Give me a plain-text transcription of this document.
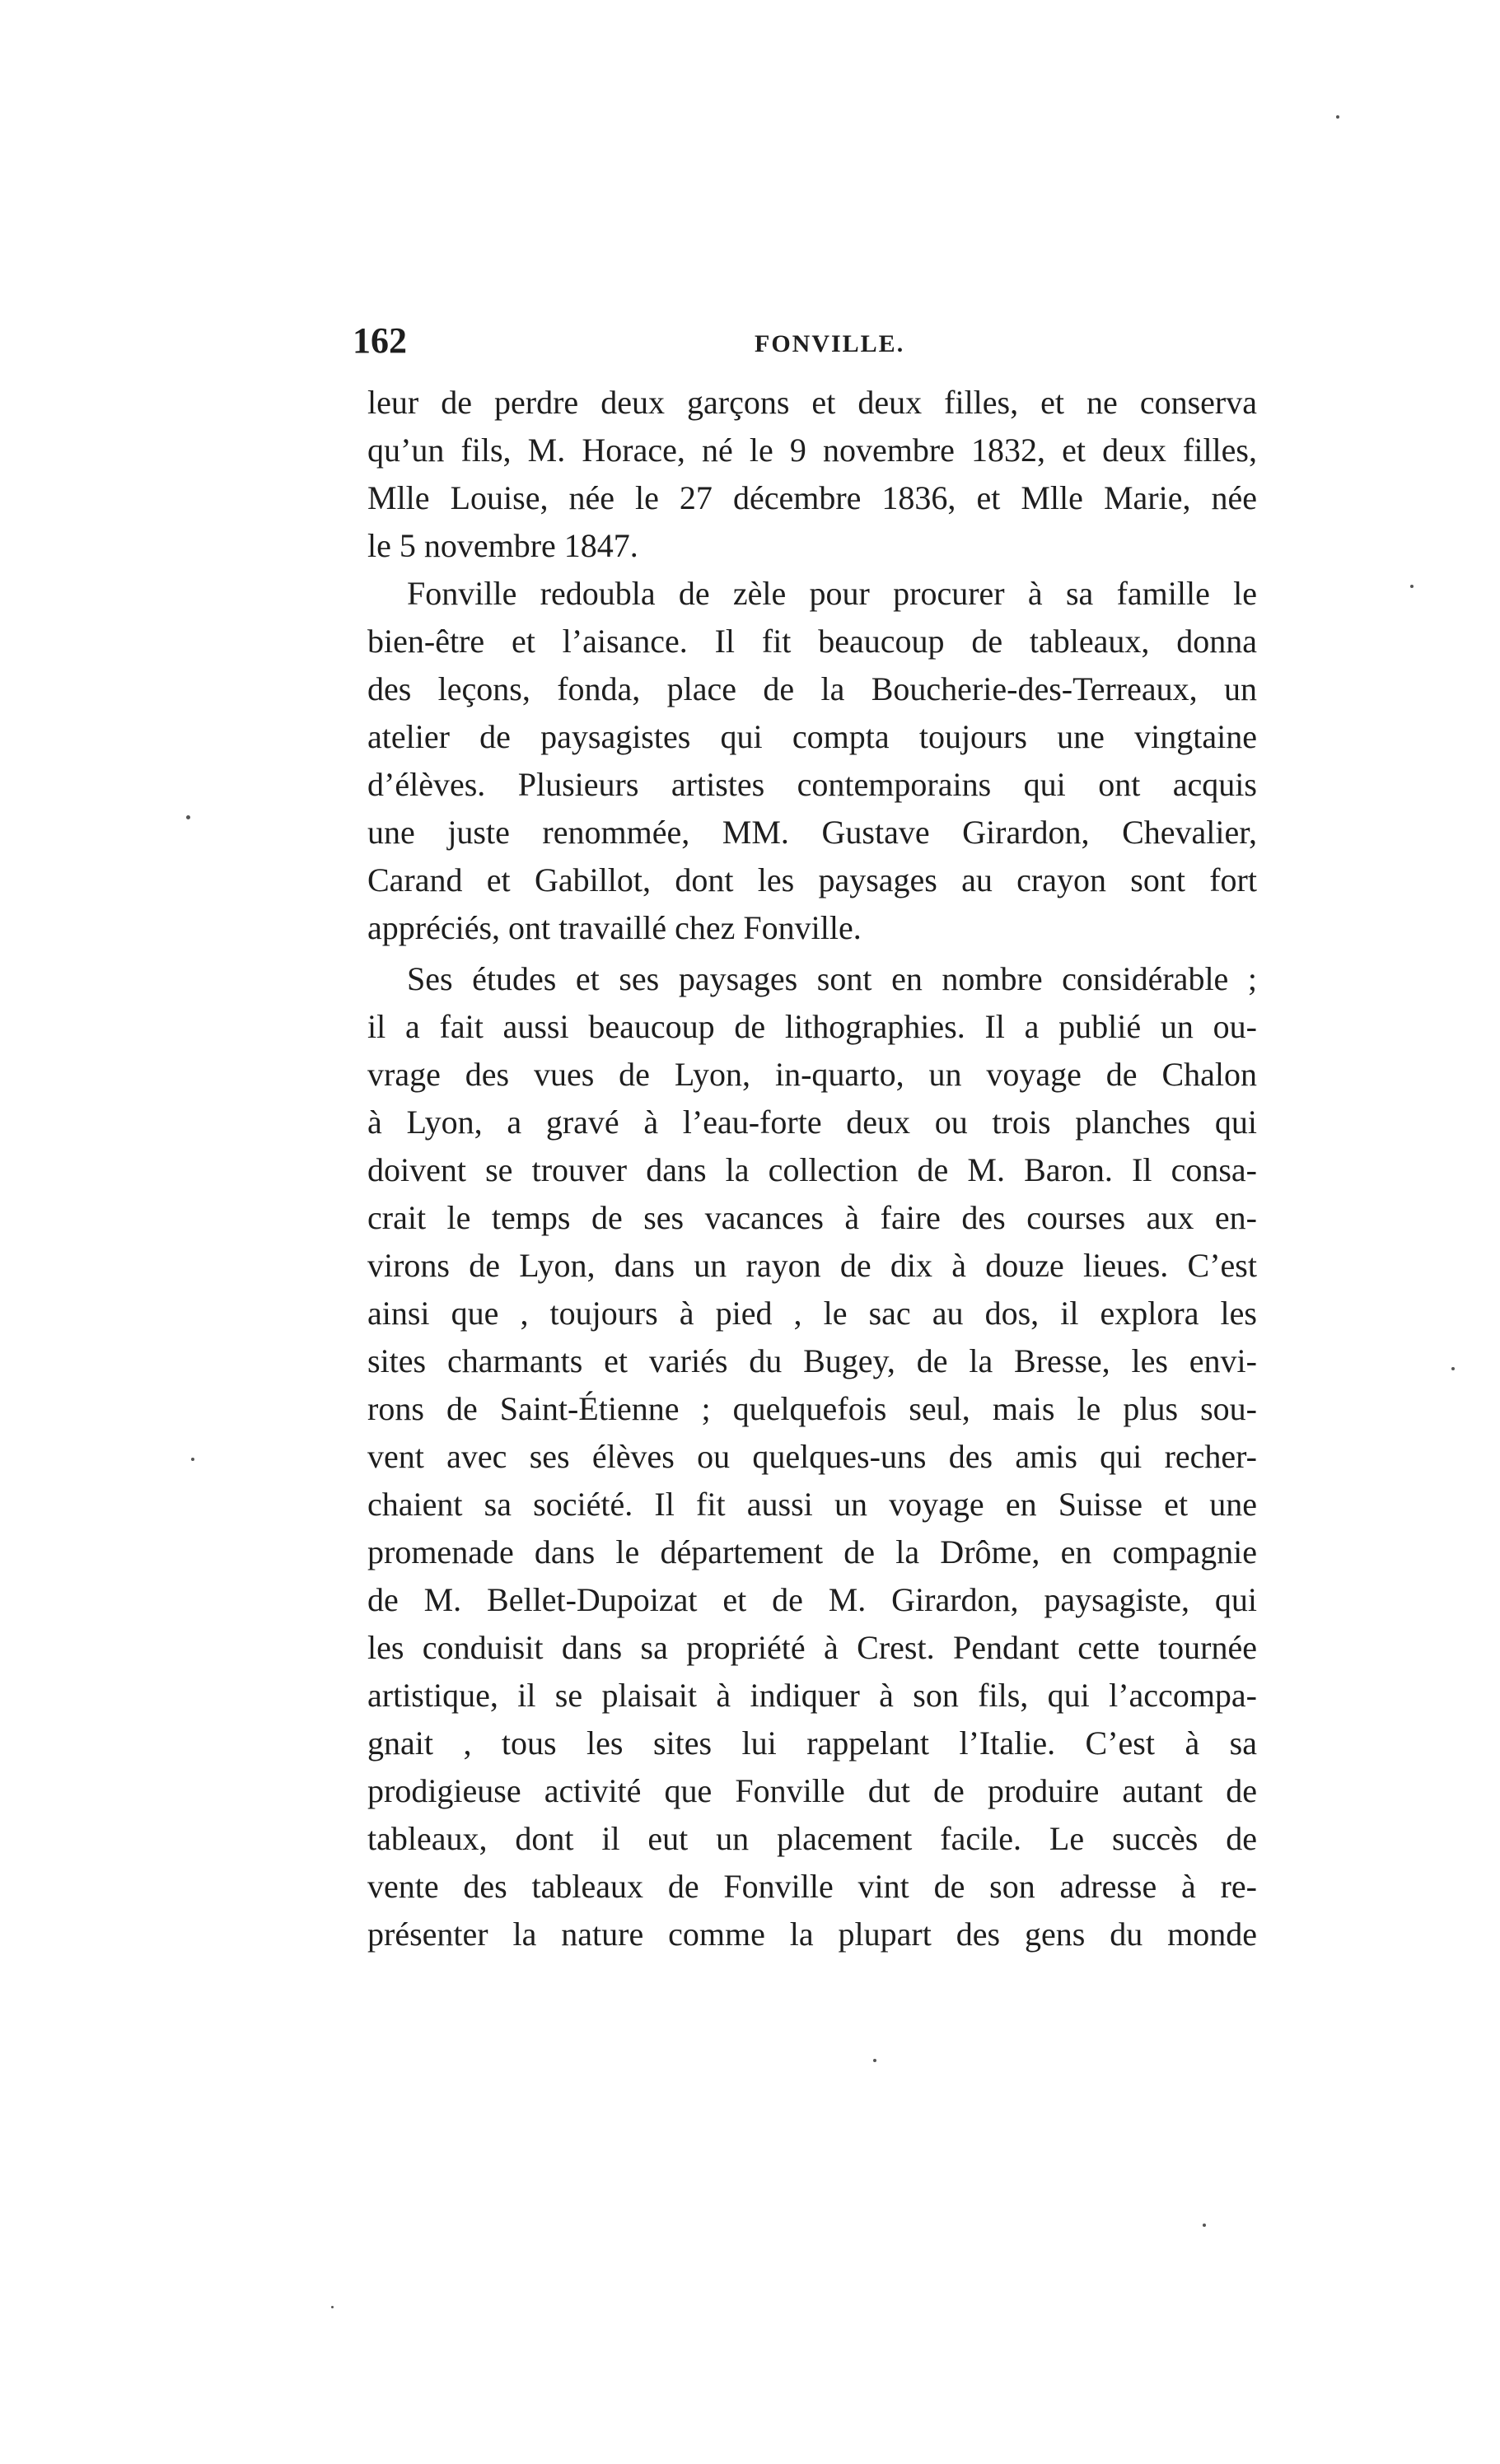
162	FONVILLE.
leur de perdre deux garçons et deux filles, et ne conserva
qu’un fils, M. Horace, né le 9 novembre 1832, et deux filles,
Mlle Louise, née le 27 décembre 1836, et Mlle Marie, née
le 5 novembre 1847.
Fonville redoubla de zèle pour procurer à sa famille le
bien-être et l’aisance. Il fit beaucoup de tableaux, donna
des leçons, fonda, place de la Boucherie-des-Terreaux, un
atelier de paysagistes qui compta toujours une vingtaine
d’élèves. Plusieurs artistes contemporains qui ont acquis
une juste renommée, MM. Gustave Girardon, Chevalier,
Carand et Gabillot, dont les paysages au crayon sont fort
appréciés, ont travaillé chez Fonville.
Ses études et ses paysages sont en nombre considérable ;
il a fait aussi beaucoup de lithographies. Il a publié un ou-
vrage des vues de Lyon, in-quarto, un voyage de Chalon
à Lyon, a gravé à l’eau-forte deux ou trois planches qui
doivent se trouver dans la collection de M. Baron. Il consa-
crait le temps de ses vacances à faire des courses aux en-
virons de Lyon, dans un rayon de dix à douze lieues. C’est
ainsi que , toujours à pied , le sac au dos, il explora les
sites charmants et variés du Bugey, de la Bresse, les envi-
rons de Saint-Étienne ; quelquefois seul, mais le plus sou-
vent avec ses élèves ou quelques-uns des amis qui recher-
chaient sa société. Il fit aussi un voyage en Suisse et une
promenade dans le département de la Drôme, en compagnie
de M. Bellet-Dupoizat et de M. Girardon, paysagiste, qui
les conduisit dans sa propriété à Crest. Pendant cette tournée
artistique, il se plaisait à indiquer à son fils, qui l’accompa-
gnait , tous les sites lui rappelant l’Italie. C’est à sa
prodigieuse activité que Fonville dut de produire autant de
tableaux, dont il eut un placement facile. Le succès de
vente des tableaux de Fonville vint de son adresse à re-
présenter la nature comme la plupart des gens du monde
